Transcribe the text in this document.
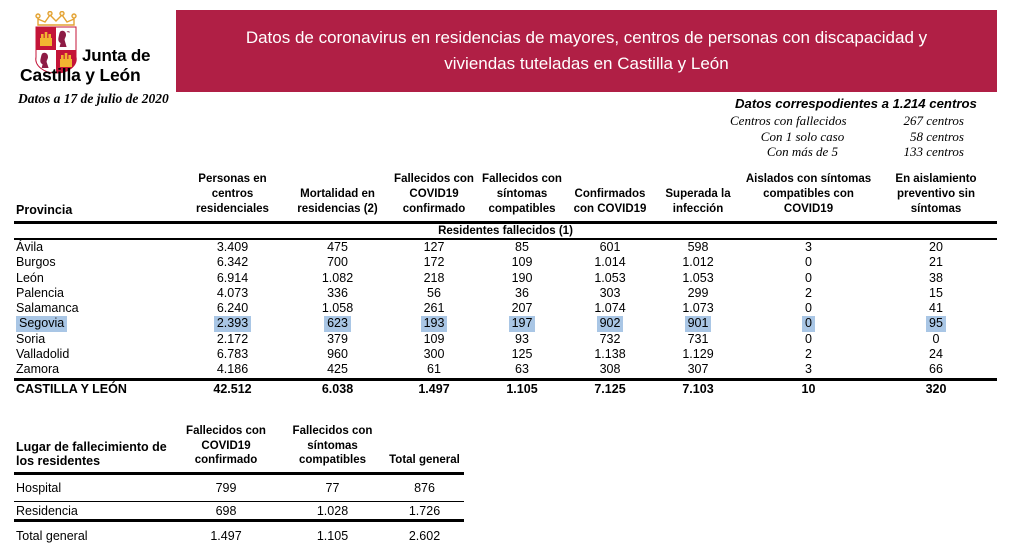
Junta de
Castilla y León
Datos a 17 de julio de 2020
Datos de coronavirus en residencias de mayores, centros de personas con discapacidad y
viviendas tuteladas en Castilla y León
Datos correspodientes a 1.214 centros
Centros con fallecidos	267 centros
Con 1 solo caso	58 centros
Con más de 5	133 centros
Provincia	Personas en centros residenciales	Mortalidad en residencias (2)	Fallecidos con COVID19 confirmado	Fallecidos con síntomas compatibles	Confirmados con COVID19	Superada la infección	Aislados con síntomas compatibles con COVID19	En aislamiento preventivo sin síntomas
Residentes fallecidos (1)								
Ávila	3.409	475	127	85	601	598	3	20
Burgos	6.342	700	172	109	1.014	1.012	0	21
León	6.914	1.082	218	190	1.053	1.053	0	38
Palencia	4.073	336	56	36	303	299	2	15
Salamanca	6.240	1.058	261	207	1.074	1.073	0	41
Segovia	2.393	623	193	197	902	901	0	95
Soria	2.172	379	109	93	732	731	0	0
Valladolid	6.783	960	300	125	1.138	1.129	2	24
Zamora	4.186	425	61	63	308	307	3	66
CASTILLA Y LEÓN	42.512	6.038	1.497	1.105	7.125	7.103	10	320
Lugar de fallecimiento de los residentes	Fallecidos con COVID19 confirmado	Fallecidos con síntomas compatibles	Total general
Hospital	799	77	876
Residencia	698	1.028	1.726
Total general	1.497	1.105	2.602
